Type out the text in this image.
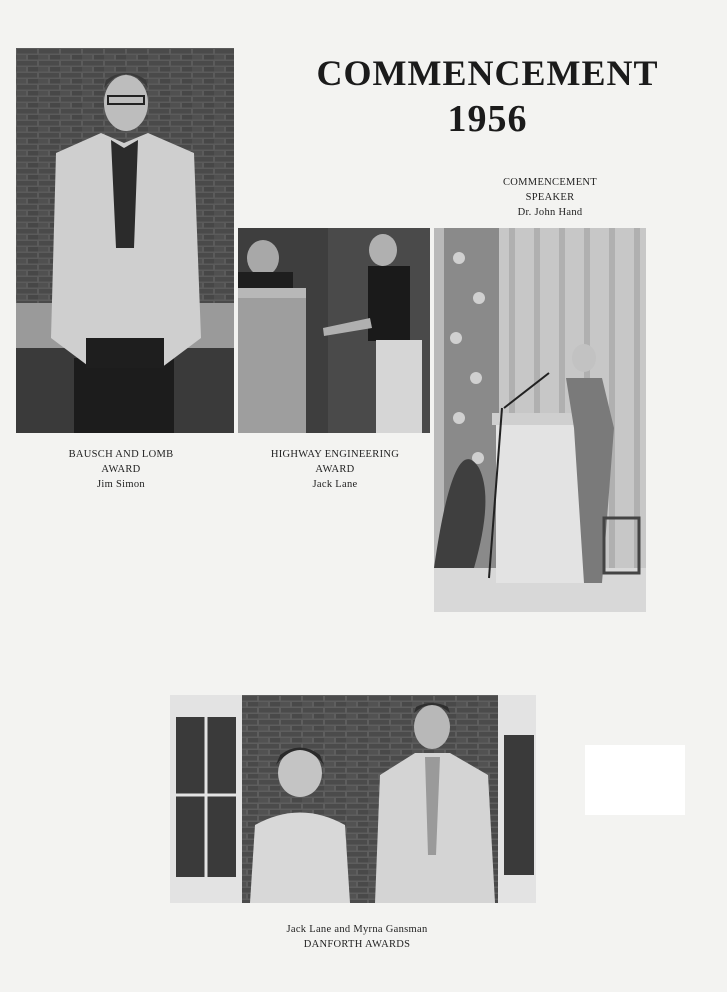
COMMENCEMENT
1956
COMMENCEMENT
SPEAKER
Dr. John Hand
BAUSCH AND LOMB
AWARD
Jim Simon
HIGHWAY ENGINEERING
AWARD
Jack Lane
Jack Lane and Myrna Gansman
DANFORTH AWARDS
